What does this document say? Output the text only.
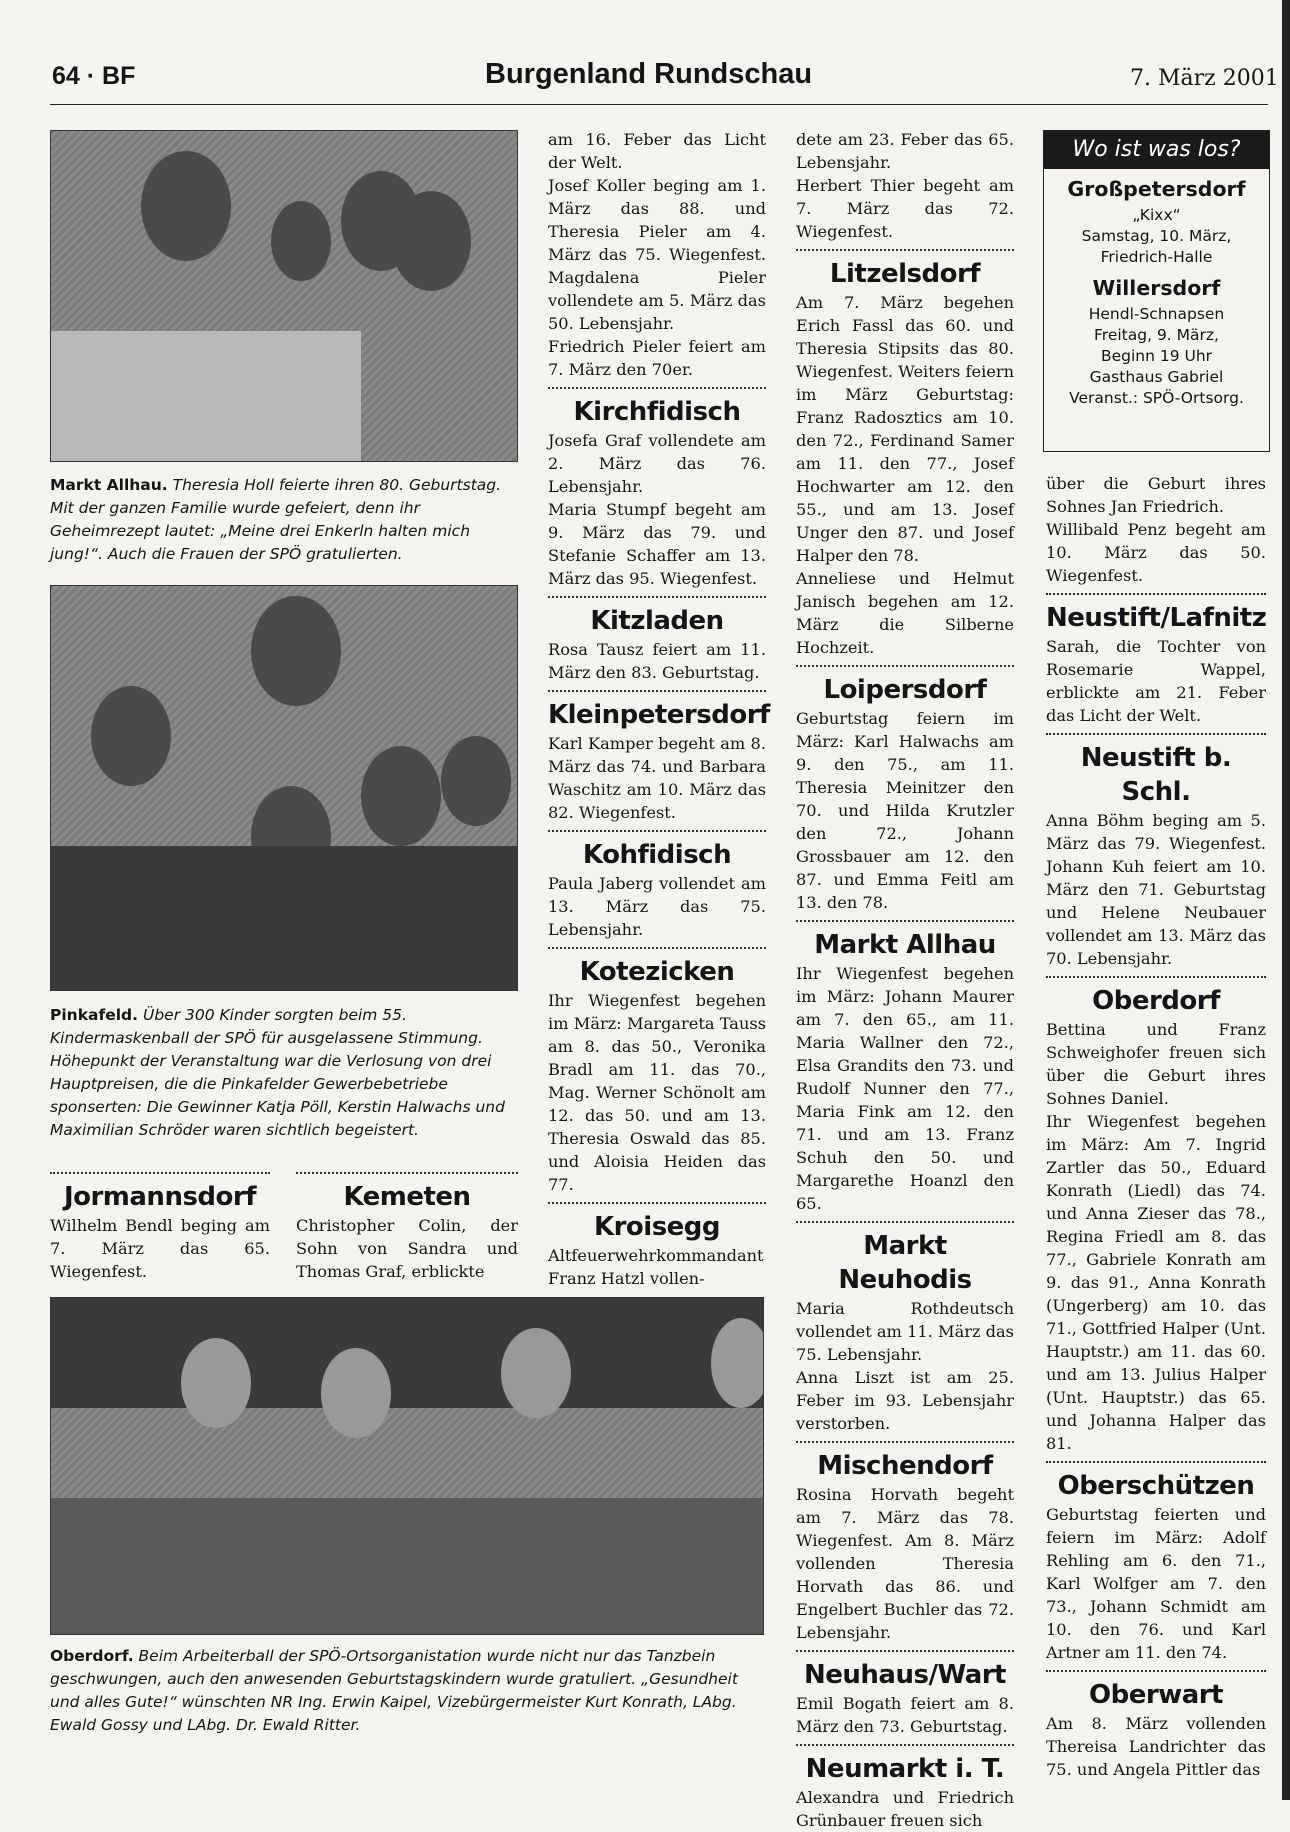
64 · BF	Burgenland Rundschau	7. März 2001
Markt Allhau. Theresia Holl feierte ihren 80. Geburtstag. Mit der ganzen Familie wurde gefeiert, denn ihr Geheimrezept lautet: „Meine drei Enkerln halten mich jung!“. Auch die Frauen der SPÖ gratulierten.
Pinkafeld. Über 300 Kinder sorgten beim 55. Kindermaskenball der SPÖ für ausgelassene Stimmung. Höhepunkt der Veranstaltung war die Verlosung von drei Hauptpreisen, die die Pinkafelder Gewerbebetriebe sponserten: Die Gewinner Katja Pöll, Kerstin Halwachs und Maximilian Schröder waren sichtlich begeistert.

Jormannsdorf

Wilhelm Bendl beging am 7. März das 65. Wiegenfest.

Kemeten

Christopher Colin, der Sohn von Sandra und Thomas Graf, erblickte

Oberdorf. Beim Arbeiterball der SPÖ-Ortsorganistation wurde nicht nur das Tanzbein geschwungen, auch den anwesenden Geburtstagskindern wurde gratuliert. „Gesundheit und alles Gute!“ wünschten NR Ing. Erwin Kaipel, Vizebürgermeister Kurt Konrath, LAbg. Ewald Gossy und LAbg. Dr. Ewald Ritter.

am 16. Feber das Licht der Welt.

Josef Koller beging am 1. März das 88. und Theresia Pieler am 4. März das 75. Wiegenfest. Magdalena Pieler vollendete am 5. März das 50. Lebensjahr.

Friedrich Pieler feiert am 7. März den 70er.

Kirchfidisch

Josefa Graf vollendete am 2. März das 76. Lebensjahr.

Maria Stumpf begeht am 9. März das 79. und Stefanie Schaffer am 13. März das 95. Wiegenfest.

Kitzladen

Rosa Tausz feiert am 11. März den 83. Geburtstag.

Kleinpetersdorf

Karl Kamper begeht am 8. März das 74. und Barbara Waschitz am 10. März das 82. Wiegenfest.

Kohfidisch

Paula Jaberg vollendet am 13. März das 75. Lebensjahr.

Kotezicken

Ihr Wiegenfest begehen im März: Margareta Tauss am 8. das 50., Veronika Bradl am 11. das 70., Mag. Werner Schönolt am 12. das 50. und am 13. Theresia Oswald das 85. und Aloisia Heiden das 77.

Kroisegg

Altfeuerwehrkommandant Franz Hatzl vollen-

dete am 23. Feber das 65. Lebensjahr.

Herbert Thier begeht am 7. März das 72. Wiegenfest.

Litzelsdorf

Am 7. März begehen Erich Fassl das 60. und Theresia Stipsits das 80. Wiegenfest. Weiters feiern im März Geburtstag: Franz Radosztics am 10. den 72., Ferdinand Samer am 11. den 77., Josef Hochwarter am 12. den 55., und am 13. Josef Unger den 87. und Josef Halper den 78.

Anneliese und Helmut Janisch begehen am 12. März die Silberne Hochzeit.

Loipersdorf

Geburtstag feiern im März: Karl Halwachs am 9. den 75., am 11. Theresia Meinitzer den 70. und Hilda Krutzler den 72., Johann Grossbauer am 12. den 87. und Emma Feitl am 13. den 78.

Markt Allhau

Ihr Wiegenfest begehen im März: Johann Maurer am 7. den 65., am 11. Maria Wallner den 72., Elsa Grandits den 73. und Rudolf Nunner den 77., Maria Fink am 12. den 71. und am 13. Franz Schuh den 50. und Margarethe Hoanzl den 65.

Markt Neuhodis

Maria Rothdeutsch vollendet am 11. März das 75. Lebensjahr.

Anna Liszt ist am 25. Feber im 93. Lebensjahr verstorben.

Mischendorf

Rosina Horvath begeht am 7. März das 78. Wiegenfest. Am 8. März vollenden Theresia Horvath das 86. und Engelbert Buchler das 72. Lebensjahr.

Neuhaus/Wart

Emil Bogath feiert am 8. März den 73. Geburtstag.

Neumarkt i. T.

Alexandra und Friedrich Grünbauer freuen sich

Wo ist was los?
Großpetersdorf
„Kixx“
Samstag, 10. März,
Friedrich-Halle
Willersdorf
Hendl-Schnapsen
Freitag, 9. März,
Beginn 19 Uhr
Gasthaus Gabriel
Veranst.: SPÖ-Ortsorg.

über die Geburt ihres Sohnes Jan Friedrich.

Willibald Penz begeht am 10. März das 50. Wiegenfest.

Neustift/Lafnitz

Sarah, die Tochter von Rosemarie Wappel, erblickte am 21. Feber das Licht der Welt.

Neustift b. Schl.

Anna Böhm beging am 5. März das 79. Wiegenfest. Johann Kuh feiert am 10. März den 71. Geburtstag und Helene Neubauer vollendet am 13. März das 70. Lebensjahr.

Oberdorf

Bettina und Franz Schweighofer freuen sich über die Geburt ihres Sohnes Daniel.

Ihr Wiegenfest begehen im März: Am 7. Ingrid Zartler das 50., Eduard Konrath (Liedl) das 74. und Anna Zieser das 78., Regina Friedl am 8. das 77., Gabriele Konrath am 9. das 91., Anna Konrath (Ungerberg) am 10. das 71., Gottfried Halper (Unt. Hauptstr.) am 11. das 60. und am 13. Julius Halper (Unt. Hauptstr.) das 65. und Johanna Halper das 81.

Oberschützen

Geburtstag feierten und feiern im März: Adolf Rehling am 6. den 71., Karl Wolfger am 7. den 73., Johann Schmidt am 10. den 76. und Karl Artner am 11. den 74.

Oberwart

Am 8. März vollenden Thereisa Landrichter das 75. und Angela Pittler das
